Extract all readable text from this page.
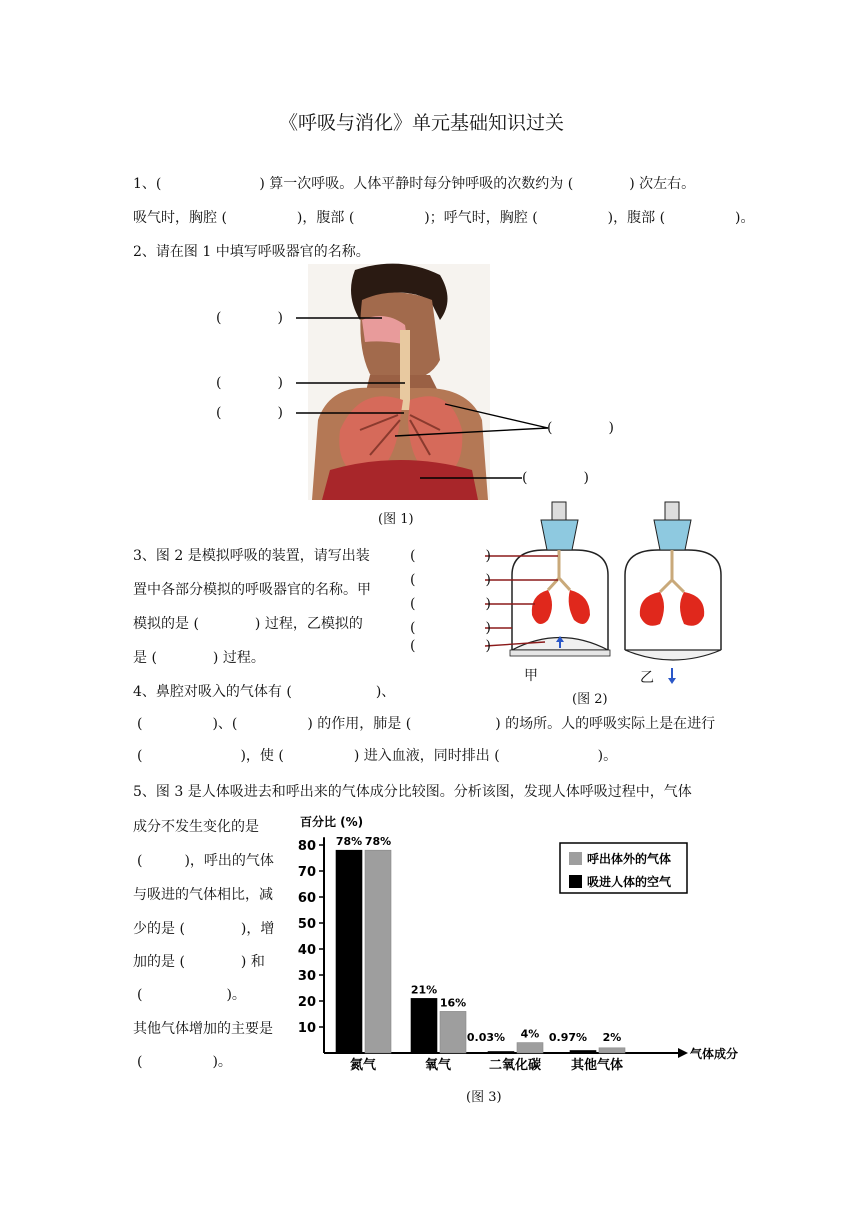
《呼吸与消化》单元基础知识过关
1、(　　　　　　　) 算一次呼吸。人体平静时每分钟呼吸的次数约为 (　　　　) 次左右。
吸气时，胸腔 (　　　　　)，腹部 (　　　　　)；呼气时，胸腔 (　　　　　)，腹部 (　　　　　)。
2、请在图 1 中填写呼吸器官的名称。
(　　　　)
(　　　　)
(　　　　)
(　　　　)
(　　　　)
(图 1)
3、图 2 是模拟呼吸的装置，请写出装
置中各部分模拟的呼吸器官的名称。甲
模拟的是 (　　　　) 过程，乙模拟的
是 (　　　　) 过程。
(　　　　　)
(　　　　　)
(　　　　　)
(　　　　　)
(　　　　　)
甲	乙
(图 2)
4、鼻腔对吸入的气体有 (　　　　　　)、
(　　　　　)、(　　　　　) 的作用，肺是 (　　　　　　) 的场所。人的呼吸实际上是在进行
(　　　　　　　)，使 (　　　　　) 进入血液，同时排出 (　　　　　　　)。
5、图 3 是人体吸进去和呼出来的气体成分比较图。分析该图，发现人体呼吸过程中，气体
成分不发生变化的是
(　　　)，呼出的气体
与吸进的气体相比，减
少的是 (　　　　)，增
加的是 (　　　　) 和
(　　　　　　)。
其他气体增加的主要是
(　　　　　)。
10
20
30
40
50
60
70
80
百分比 (%)
气体成分
78% 78%
氮气
21%
16%
氧气
0.03% 4%
二氧化碳
0.97% 2%
其他气体
呼出体外的气体
吸进人体的空气
(图 3)
